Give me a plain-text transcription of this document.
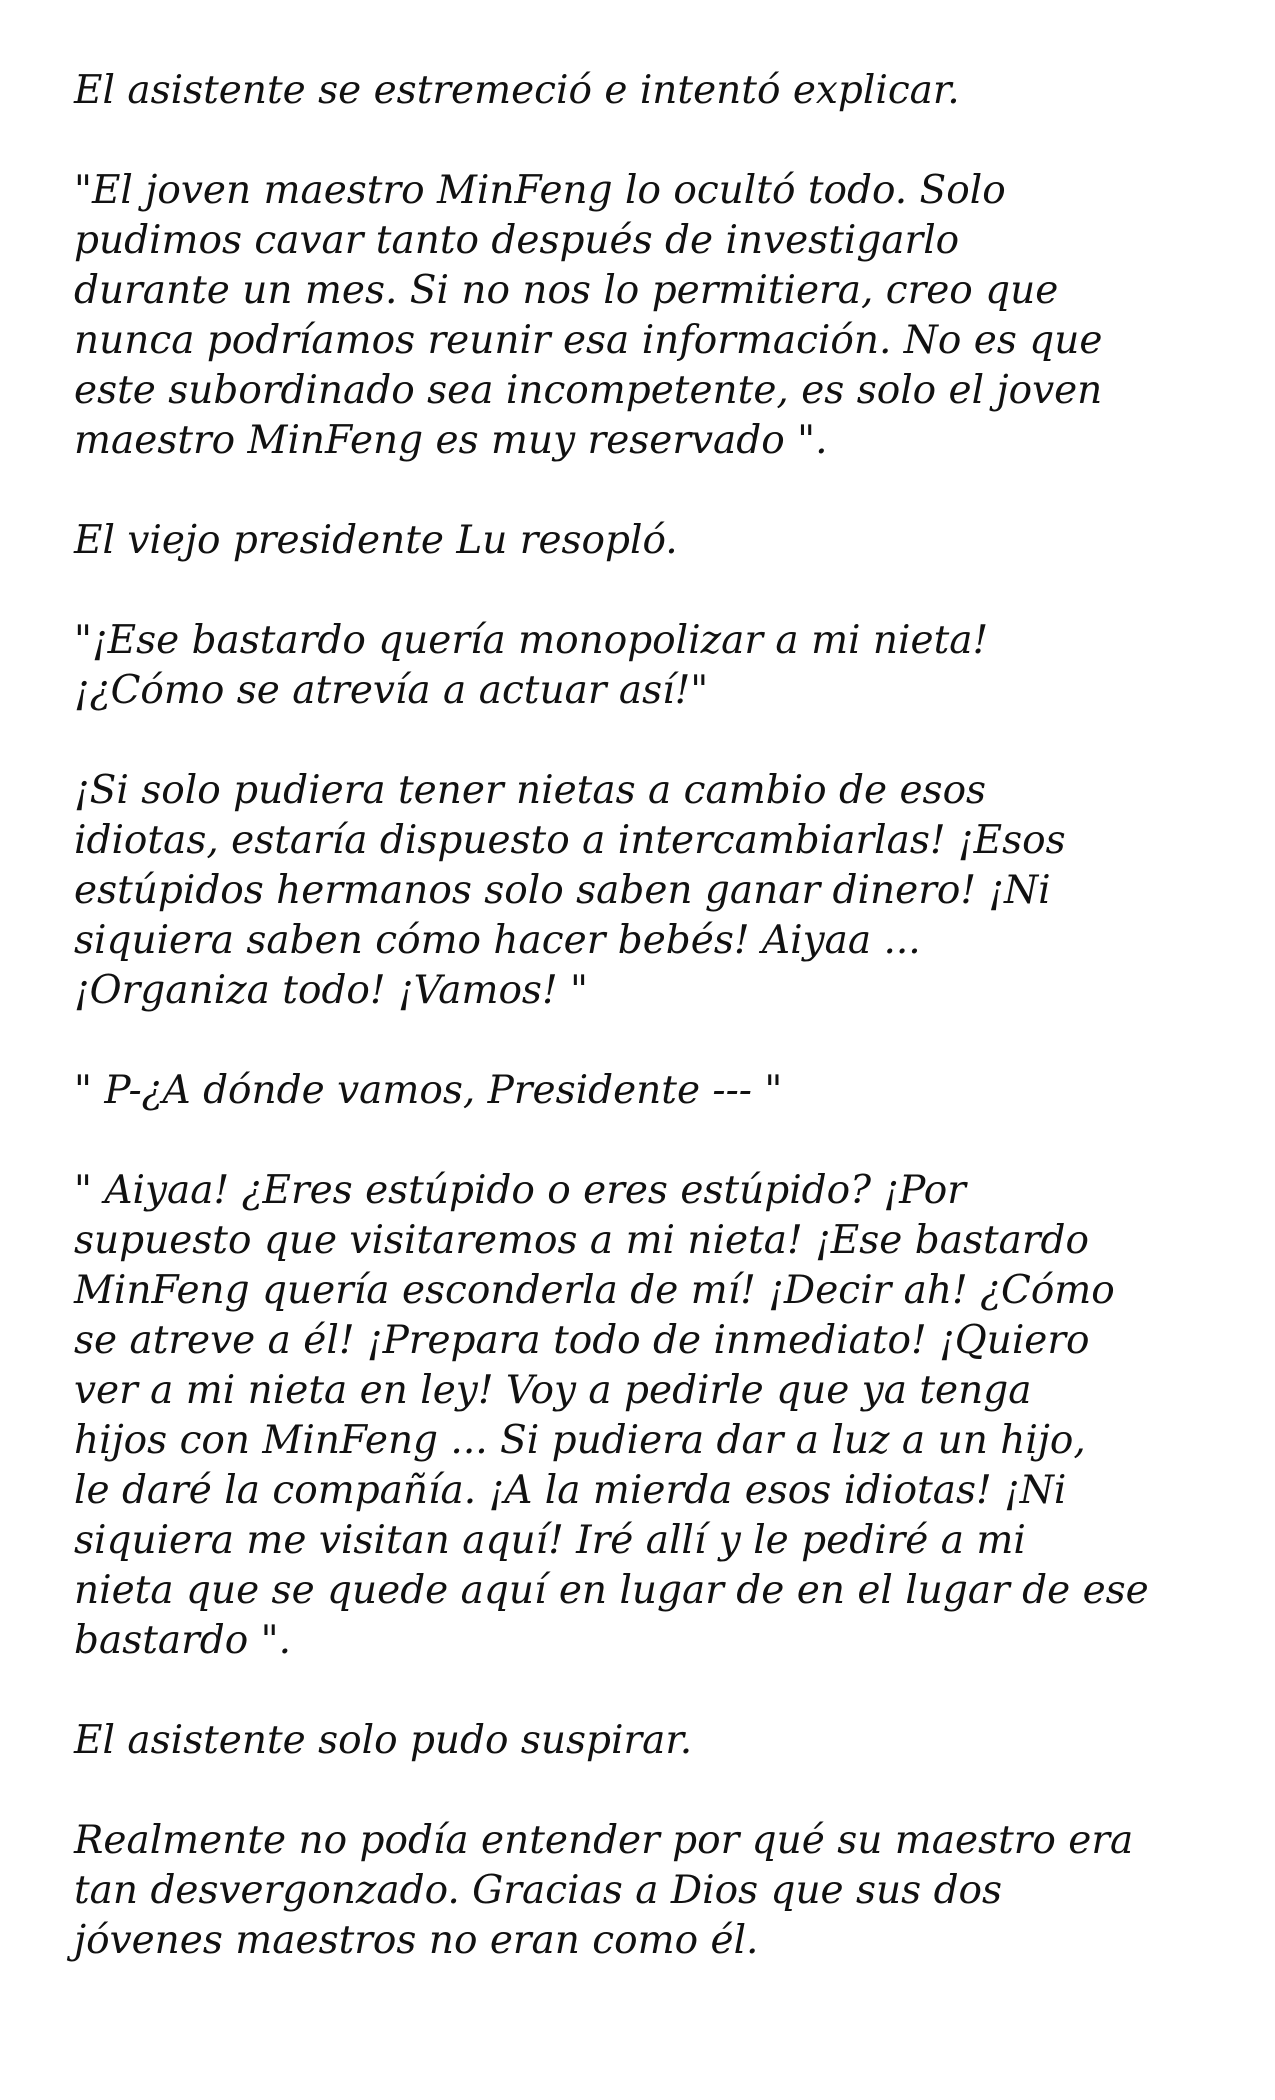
El asistente se estremeció e intentó explicar.

"El joven maestro MinFeng lo ocultó todo. Solo
pudimos cavar tanto después de investigarlo
durante un mes. Si no nos lo permitiera, creo que
nunca podríamos reunir esa información. No es que
este subordinado sea incompetente, es solo el joven
maestro MinFeng es muy reservado ".

El viejo presidente Lu resopló.

"¡Ese bastardo quería monopolizar a mi nieta!
¡¿Cómo se atrevía a actuar así!"

¡Si solo pudiera tener nietas a cambio de esos
idiotas, estaría dispuesto a intercambiarlas! ¡Esos
estúpidos hermanos solo saben ganar dinero! ¡Ni
siquiera saben cómo hacer bebés! Aiyaa ...
¡Organiza todo! ¡Vamos! "

" P-¿A dónde vamos, Presidente --- "

" Aiyaa! ¿Eres estúpido o eres estúpido? ¡Por
supuesto que visitaremos a mi nieta! ¡Ese bastardo
MinFeng quería esconderla de mí! ¡Decir ah! ¿Cómo
se atreve a él! ¡Prepara todo de inmediato! ¡Quiero
ver a mi nieta en ley! Voy a pedirle que ya tenga
hijos con MinFeng ... Si pudiera dar a luz a un hijo,
le daré la compañía. ¡A la mierda esos idiotas! ¡Ni
siquiera me visitan aquí! Iré allí y le pediré a mi
nieta que se quede aquí en lugar de en el lugar de ese
bastardo ".

El asistente solo pudo suspirar.

Realmente no podía entender por qué su maestro era
tan desvergonzado. Gracias a Dios que sus dos
jóvenes maestros no eran como él.
